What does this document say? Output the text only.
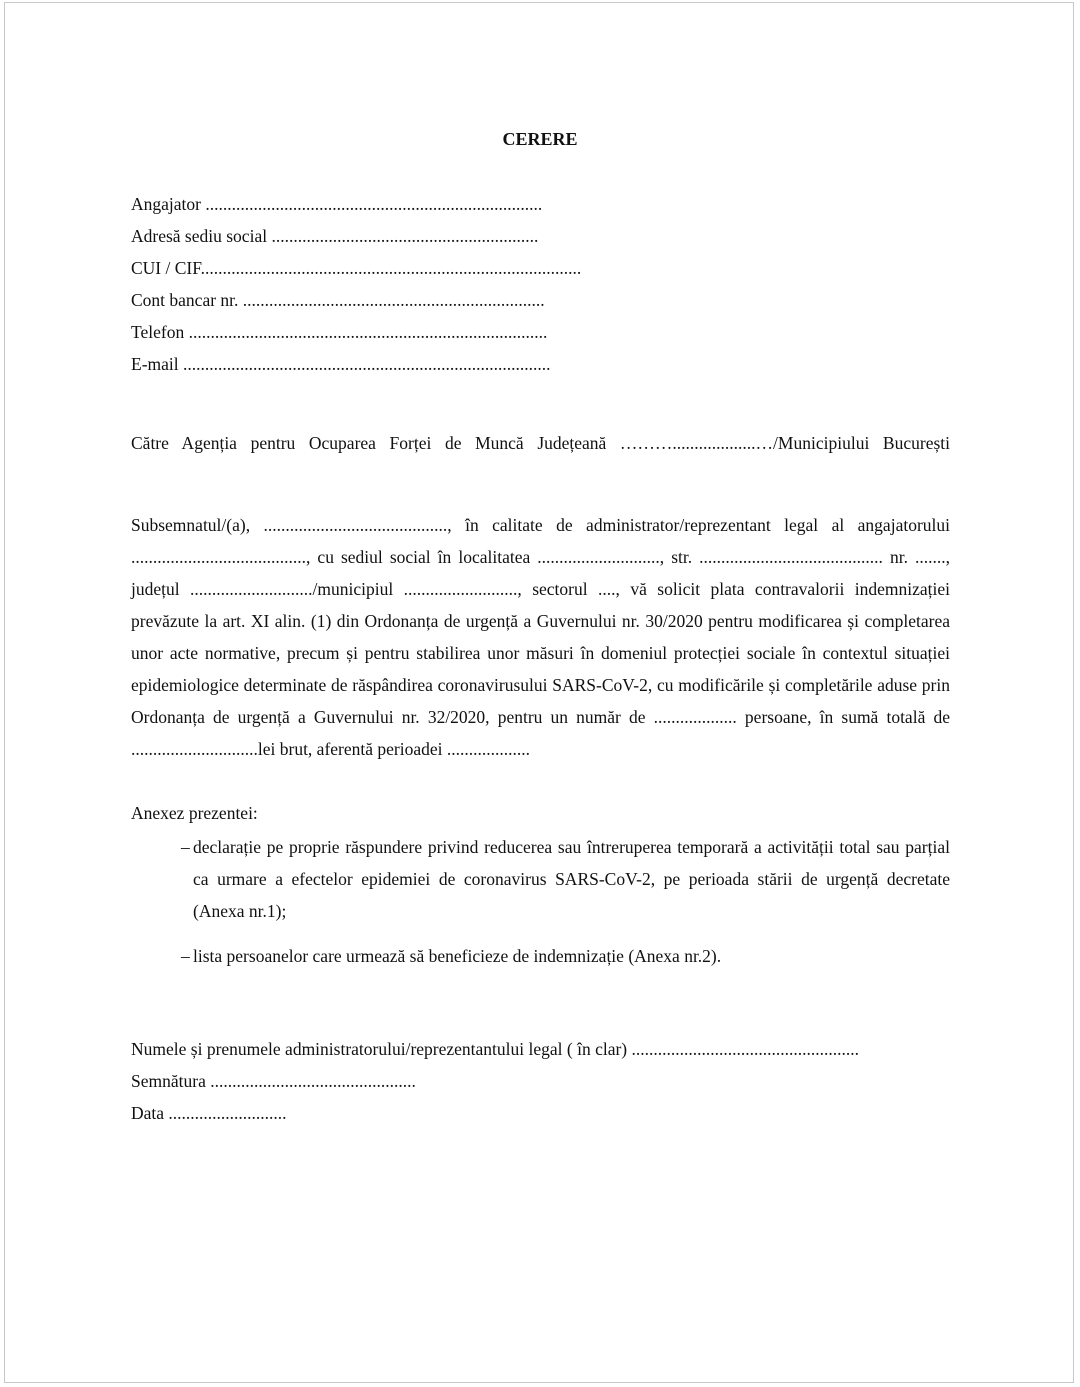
CERERE
Angajator .............................................................................
Adresă sediu social .............................................................
CUI / CIF.......................................................................................
Cont bancar nr. .....................................................................
Telefon ..................................................................................
E-mail ....................................................................................
Către Agenția pentru Ocuparea Forței de Muncă Județeană ………...................…/Municipiului București
Subsemnatul/(a), .........................................., în calitate de administrator/reprezentant legal al angajatorului ........................................, cu sediul social în localitatea ............................, str. .......................................... nr. ......., județul ............................/municipiul .........................., sectorul ...., vă solicit plata contravalorii indemnizației prevăzute la art. XI alin. (1) din Ordonanța de urgență a Guvernului nr. 30/2020 pentru modificarea și completarea unor acte normative, precum și pentru stabilirea unor măsuri în domeniul protecției sociale în contextul situației epidemiologice determinate de răspândirea coronavirusului SARS-CoV-2, cu modificările și completările aduse prin Ordonanța de urgență a Guvernului nr. 32/2020, pentru un număr de ................... persoane, în sumă totală de .............................lei brut, aferentă perioadei ...................
Anexez prezentei:
– declarație pe proprie răspundere privind reducerea sau întreruperea temporară a activității total sau parțial ca urmare a efectelor epidemiei de coronavirus SARS-CoV-2, pe perioada stării de urgență decretate (Anexa nr.1);
– lista persoanelor care urmează să beneficieze de indemnizație (Anexa nr.2).
Numele și prenumele administratorului/reprezentantului legal ( în clar) ....................................................
Semnătura ...............................................
Data ...........................
